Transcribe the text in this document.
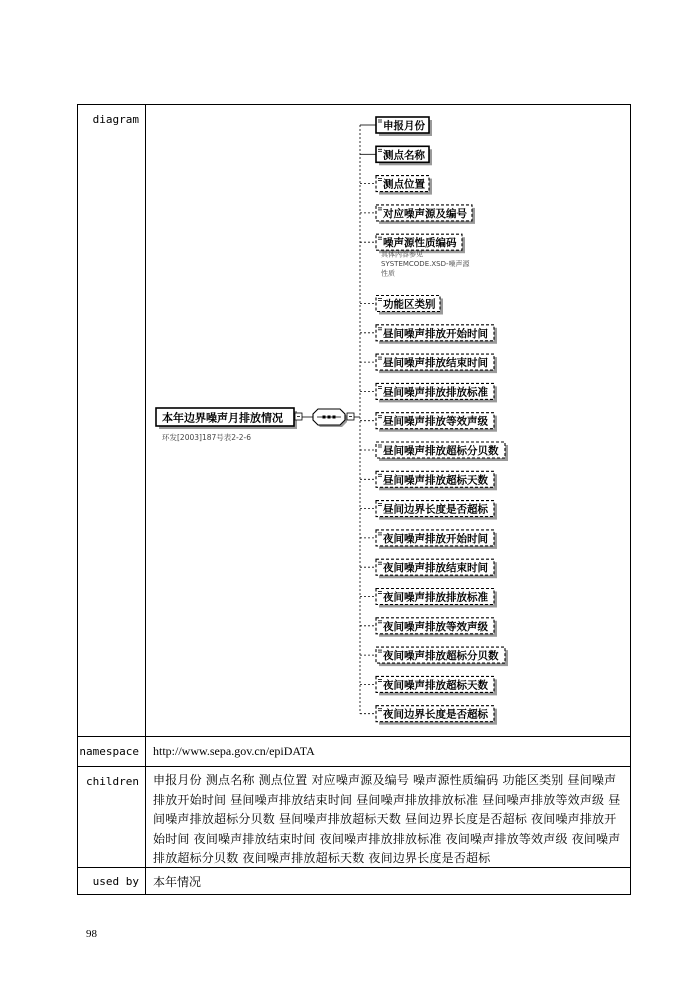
diagram	申报月份
测点名称
测点位置
对应噪声源及编号
噪声源性质编码
具体内容参见
SYSTEMCODE.XSD-噪声源
性质
功能区类别
昼间噪声排放开始时间
昼间噪声排放结束时间
昼间噪声排放排放标准
昼间噪声排放等效声级
昼间噪声排放超标分贝数
昼间噪声排放超标天数
昼间边界长度是否超标
夜间噪声排放开始时间
夜间噪声排放结束时间
夜间噪声排放排放标准
夜间噪声排放等效声级
夜间噪声排放超标分贝数
夜间噪声排放超标天数
夜间边界长度是否超标
本年边界噪声月排放情况
环发[2003]187号表2-2-6
namespace	http://www.sepa.gov.cn/epiDATA
children	申报月份 测点名称 测点位置 对应噪声源及编号 噪声源性质编码 功能区类别 昼间噪声排放开始时间 昼间噪声排放结束时间 昼间噪声排放排放标准 昼间噪声排放等效声级 昼间噪声排放超标分贝数 昼间噪声排放超标天数 昼间边界长度是否超标 夜间噪声排放开始时间 夜间噪声排放结束时间 夜间噪声排放排放标准 夜间噪声排放等效声级 夜间噪声排放超标分贝数 夜间噪声排放超标天数 夜间边界长度是否超标
used by	本年情况
98
